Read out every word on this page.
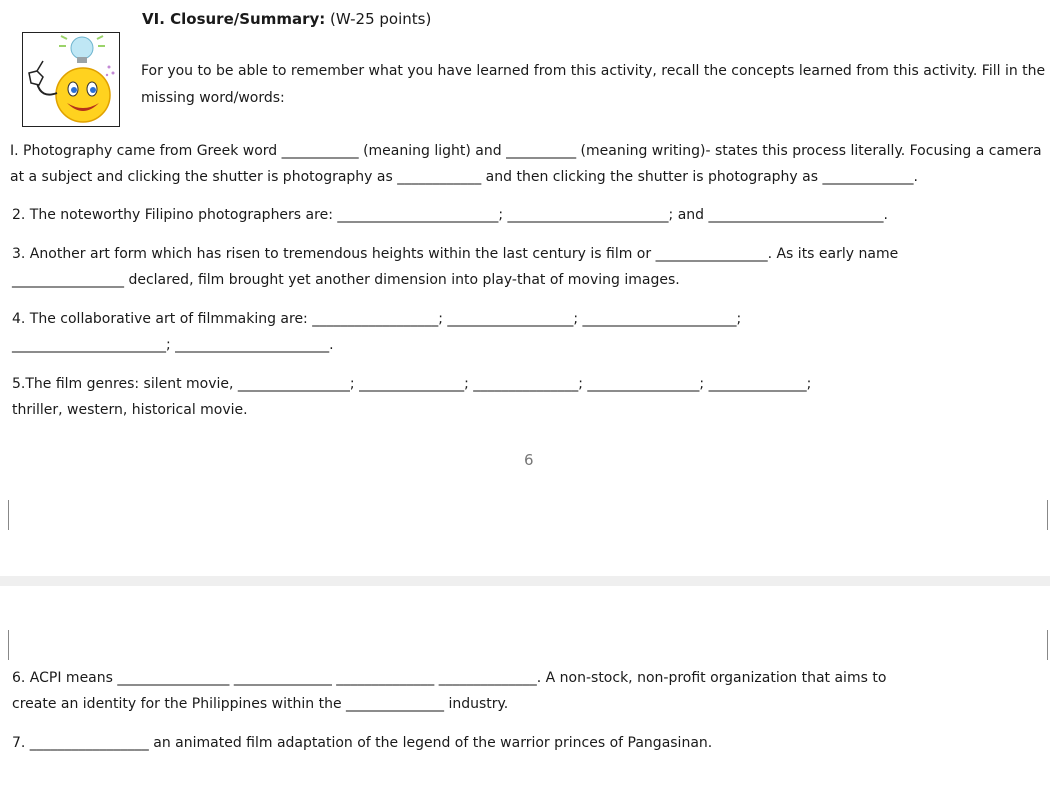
VI. Closure/Summary: (W-25 points)
For you to be able to remember what you have learned from this activity, recall the concepts learned from this activity. Fill in the
missing word/words:
I. Photography came from Greek word ___________ (meaning light) and __________ (meaning writing)- states this process literally. Focusing a camera
at a subject and clicking the shutter is photography as ____________ and then clicking the shutter is photography as _____________.
2. The noteworthy Filipino photographers are: _______________________; _______________________; and _________________________.
3. Another art form which has risen to tremendous heights within the last century is film or ________________. As its early name
________________ declared, film brought yet another dimension into play-that of moving images.
4. The collaborative art of filmmaking are: __________________; __________________; ______________________;
______________________; ______________________.
5.The film genres: silent movie, ________________; _______________; _______________; ________________; ______________;
thriller, western, historical movie.
6
6. ACPI means ________________ ______________ ______________ ______________. A non-stock, non-profit organization that aims to
create an identity for the Philippines within the ______________ industry.
7. _________________ an animated film adaptation of the legend of the warrior princes of Pangasinan.
